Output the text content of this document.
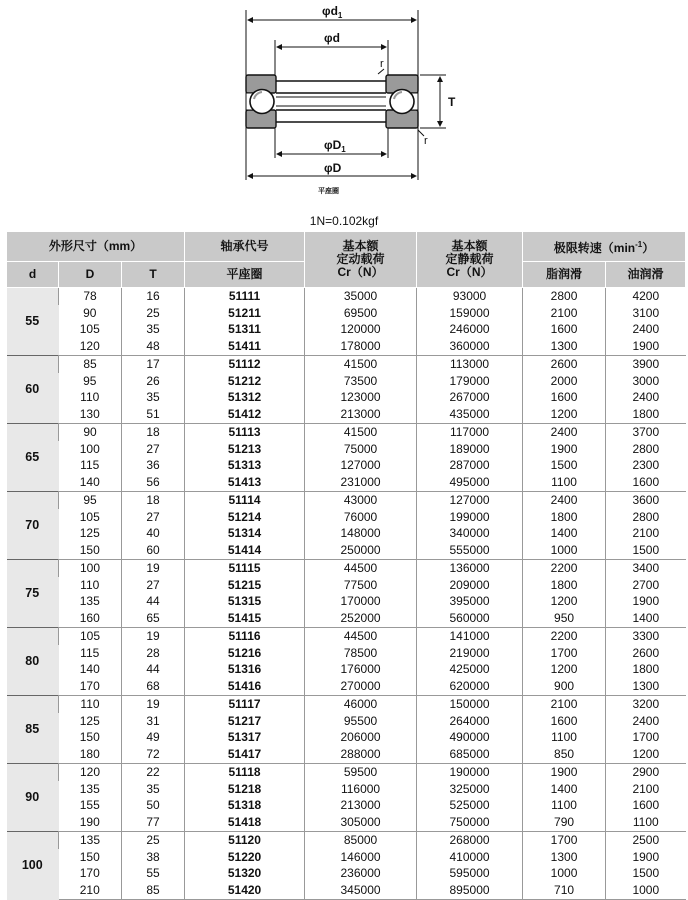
$\varphi d_1$
φd
r
T
r
$\varphi D_1$
φD
平座圈
1N=0.102kgf
外形尺寸（mm）			轴承代号	基本额
定动载荷
Cr（N）	基本额
定静载荷
Cr（N）	极限转速$(\min^{-1})$	
d	D	T	平座圈			脂润滑	油润滑
55	78	16	51111	35000	93000	2800	4200
	90	25	51211	69500	159000	2100	3100
	105	35	51311	120000	246000	1600	2400
	120	48	51411	178000	360000	1300	1900
60	85	17	51112	41500	113000	2600	3900
	95	26	51212	73500	179000	2000	3000
	110	35	51312	123000	267000	1600	2400
	130	51	51412	213000	435000	1200	1800
65	90	18	51113	41500	117000	2400	3700
	100	27	51213	75000	189000	1900	2800
	115	36	51313	127000	287000	1500	2300
	140	56	51413	231000	495000	1100	1600
70	95	18	51114	43000	127000	2400	3600
	105	27	51214	76000	199000	1800	2800
	125	40	51314	148000	340000	1400	2100
	150	60	51414	250000	555000	1000	1500
75	100	19	51115	44500	136000	2200	3400
	110	27	51215	77500	209000	1800	2700
	135	44	51315	170000	395000	1200	1900
	160	65	51415	252000	560000	950	1400
80	105	19	51116	44500	141000	2200	3300
	115	28	51216	78500	219000	1700	2600
	140	44	51316	176000	425000	1200	1800
	170	68	51416	270000	620000	900	1300
85	110	19	51117	46000	150000	2100	3200
	125	31	51217	95500	264000	1600	2400
	150	49	51317	206000	490000	1100	1700
	180	72	51417	288000	685000	850	1200
90	120	22	51118	59500	190000	1900	2900
	135	35	51218	116000	325000	1400	2100
	155	50	51318	213000	525000	1100	1600
	190	77	51418	305000	750000	790	1100
100	135	25	51120	85000	268000	1700	2500
	150	38	51220	146000	410000	1300	1900
	170	55	51320	236000	595000	1000	1500
	210	85	51420	345000	895000	710	1000
